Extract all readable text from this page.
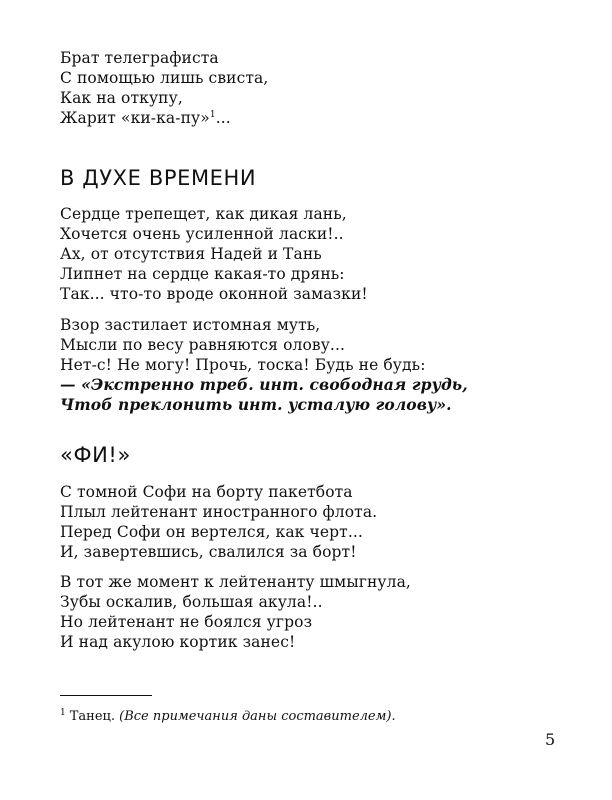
Брат телеграфиста
С помощью лишь свиста,
Как на откупу,
Жарит «ки-ка-пу»$^1$...
В ДУХЕ ВРЕМЕНИ
Сердце трепещет, как дикая лань,
Хочется очень усиленной ласки!..
Ах, от отсутствия Надей и Тань
Липнет на сердце какая-то дрянь:
Так... что-то вроде оконной замазки!
Взор застилает истомная муть,
Мысли по весу равняются олову...
Нет-с! Не могу! Прочь, тоска! Будь не будь:
— «Экстренно треб. инт. свободная грудь,
Чтоб преклонить инт. усталую голову».
«ФИ!»
С томной Софи на борту пакетбота
Плыл лейтенант иностранного флота.
Перед Софи он вертелся, как черт...
И, завертевшись, свалился за борт!
В тот же момент к лейтенанту шмыгнула,
Зубы оскалив, большая акула!..
Но лейтенант не боялся угроз
И над акулою кортик занес!
$^1$ Танец. (Все примечания даны составителем).
5
